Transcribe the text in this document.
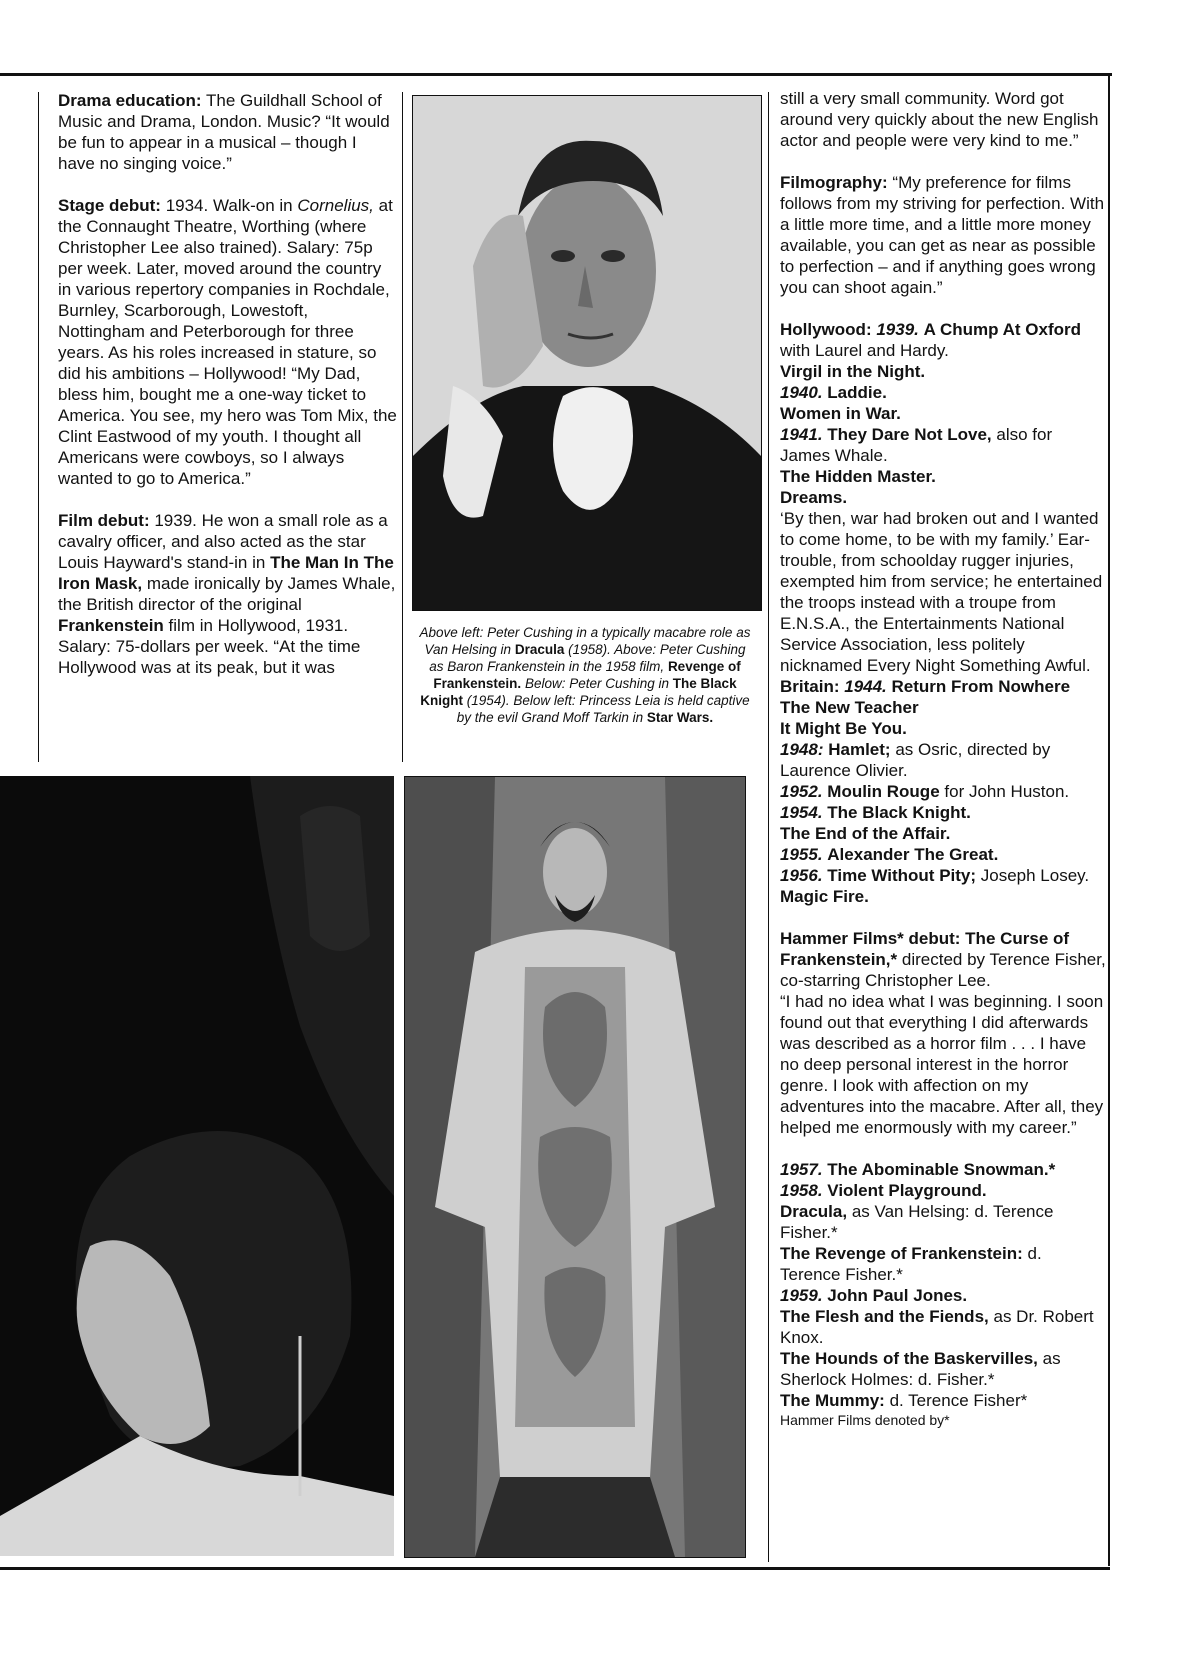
Drama education: The Guildhall School of Music and Drama, London. Music? “It would be fun to appear in a musical – though I have no singing voice.”

Stage debut: 1934. Walk-on in Cornelius, at the Connaught Theatre, Worthing (where Christopher Lee also trained). Salary: 75p per week. Later, moved around the country in various repertory companies in Rochdale, Burnley, Scarborough, Lowestoft, Nottingham and Peterborough for three years. As his roles increased in stature, so did his ambitions – Hollywood! “My Dad, bless him, bought me a one-way ticket to America. You see, my hero was Tom Mix, the Clint Eastwood of my youth. I thought all Americans were cowboys, so I always wanted to go to America.”

Film debut: 1939. He won a small role as a cavalry officer, and also acted as the star Louis Hayward's stand-in in The Man In The Iron Mask, made ironically by James Whale, the British director of the original Frankenstein film in Hollywood, 1931. Salary: 75-dollars per week. “At the time Hollywood was at its peak, but it was

Above left: Peter Cushing in a typically macabre role as Van Helsing in Dracula (1958). Above: Peter Cushing as Baron Frankenstein in the 1958 film, Revenge of Frankenstein. Below: Peter Cushing in The Black Knight (1954). Below left: Princess Leia is held captive by the evil Grand Moff Tarkin in Star Wars.

still a very small community. Word got around very quickly about the new English actor and people were very kind to me.”

Filmography: “My preference for films follows from my striving for perfection. With a little more time, and a little more money available, you can get as near as possible to perfection – and if anything goes wrong you can shoot again.”

Hollywood: 1939. A Chump At Oxford with Laurel and Hardy.
Virgil in the Night.
1940. Laddie.
Women in War.
1941. They Dare Not Love, also for James Whale.
The Hidden Master.
Dreams.
‘By then, war had broken out and I wanted to come home, to be with my family.’ Ear-trouble, from schoolday rugger injuries, exempted him from service; he entertained the troops instead with a troupe from E.N.S.A., the Entertainments National Service Association, less politely nicknamed Every Night Something Awful.
Britain: 1944. Return From Nowhere
The New Teacher
It Might Be You.
1948: Hamlet; as Osric, directed by Laurence Olivier.
1952. Moulin Rouge for John Huston.
1954. The Black Knight.
The End of the Affair.
1955. Alexander The Great.
1956. Time Without Pity; Joseph Losey.
Magic Fire.

Hammer Films* debut: The Curse of Frankenstein,* directed by Terence Fisher, co-starring Christopher Lee.
“I had no idea what I was beginning. I soon found out that everything I did afterwards was described as a horror film . . . I have no deep personal interest in the horror genre. I look with affection on my adventures into the macabre. After all, they helped me enormously with my career.”

1957. The Abominable Snowman.*
1958. Violent Playground.
Dracula, as Van Helsing: d. Terence Fisher.*
The Revenge of Frankenstein: d. Terence Fisher.*
1959. John Paul Jones.
The Flesh and the Fiends, as Dr. Robert Knox.
The Hounds of the Baskervilles, as Sherlock Holmes: d. Fisher.*
The Mummy: d. Terence Fisher*
Hammer Films denoted by*
